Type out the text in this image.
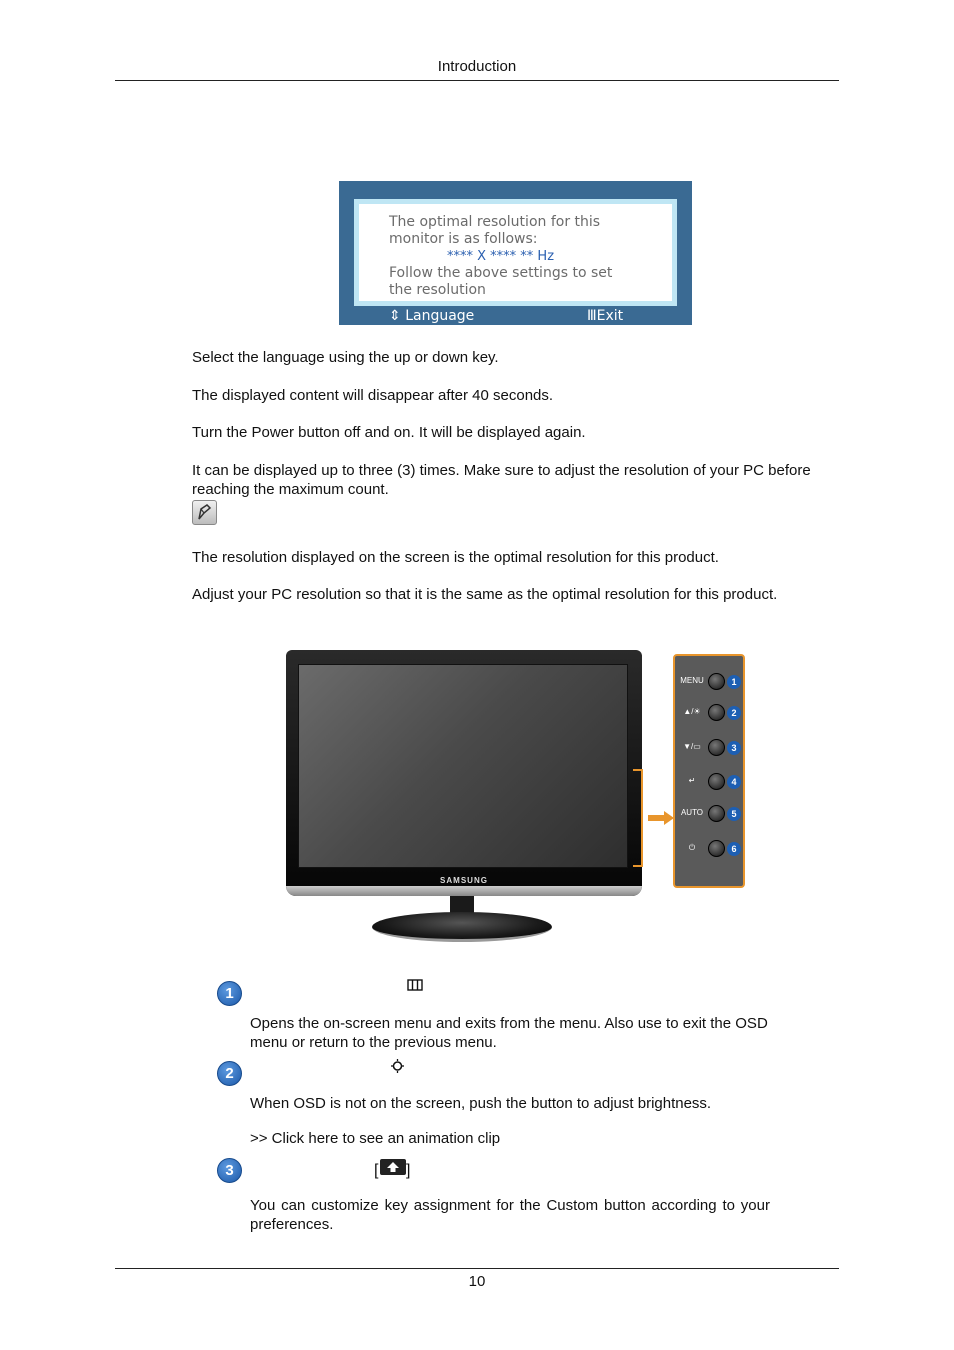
Introduction
The optimal resolution for this
monitor is as follows:
**** X **** ** Hz
Follow the above settings to set
the resolution
⇕ Language	ⅢExit
Select the language using the up or down key.
The displayed content will disappear after 40 seconds.
Turn the Power button off and on. It will be displayed again.
It can be displayed up to three (3) times. Make sure to adjust the resolution of your PC before reaching the maximum count.
The resolution displayed on the screen is the optimal resolution for this product.
Adjust your PC resolution so that it is the same as the optimal resolution for this product.
SAMSUNG
MENU	1
▲/☀	2
▼/▭	3
↵	4
AUTO	5
⏻	6
1
Opens the on-screen menu and exits from the menu. Also use to exit the OSD menu or return to the previous menu.
2
When OSD is not on the screen, push the button to adjust brightness.
>> Click here to see an animation clip
3	[ ]
You can customize key assignment for the Custom button according to your preferences.
10
